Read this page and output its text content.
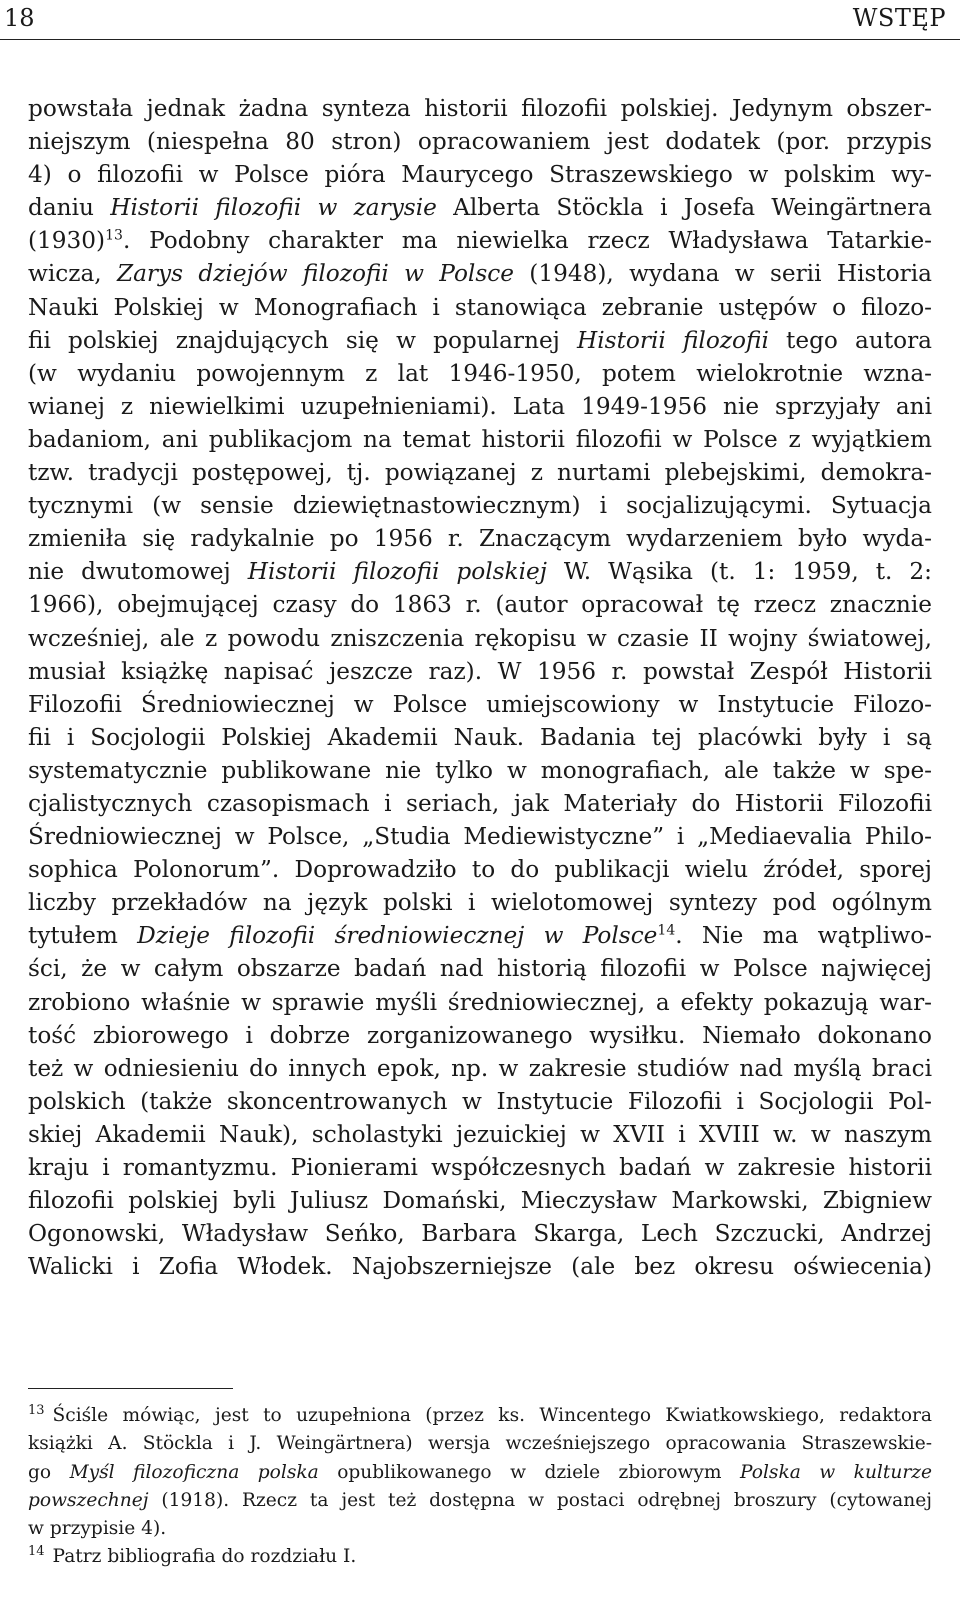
18	WSTĘP
powstała jednak żadna synteza historii filozofii polskiej. Jedynym obszer-
niejszym (niespełna 80 stron) opracowaniem jest dodatek (por. przypis
4) o filozofii w Polsce pióra Maurycego Straszewskiego w polskim wy-
daniu Historii filozofii w zarysie Alberta Stöckla i Josefa Weingärtnera
$(1930)^{13}$. Podobny charakter ma niewielka rzecz Władysława Tatarkie-
wicza, Zarys dziejów filozofii w Polsce (1948), wydana w serii Historia
Nauki Polskiej w Monografiach i stanowiąca zebranie ustępów o filozo-
fii polskiej znajdujących się w popularnej Historii filozofii tego autora
(w wydaniu powojennym z lat 1946-1950, potem wielokrotnie wzna-
wianej z niewielkimi uzupełnieniami). Lata 1949-1956 nie sprzyjały ani
badaniom, ani publikacjom na temat historii filozofii w Polsce z wyjątkiem
tzw. tradycji postępowej, tj. powiązanej z nurtami plebejskimi, demokra-
tycznymi (w sensie dziewiętnastowiecznym) i socjalizującymi. Sytuacja
zmieniła się radykalnie po 1956 r. Znaczącym wydarzeniem było wyda-
nie dwutomowej Historii filozofii polskiej W. Wąsika (t. 1: 1959, t. 2:
1966), obejmującej czasy do 1863 r. (autor opracował tę rzecz znacznie
wcześniej, ale z powodu zniszczenia rękopisu w czasie II wojny światowej,
musiał książkę napisać jeszcze raz). W 1956 r. powstał Zespół Historii
Filozofii Średniowiecznej w Polsce umiejscowiony w Instytucie Filozo-
fii i Socjologii Polskiej Akademii Nauk. Badania tej placówki były i są
systematycznie publikowane nie tylko w monografiach, ale także w spe-
cjalistycznych czasopismach i seriach, jak Materiały do Historii Filozofii
Średniowiecznej w Polsce, „Studia Mediewistyczne” i „Mediaevalia Philo-
sophica Polonorum”. Doprowadziło to do publikacji wielu źródeł, sporej
liczby przekładów na język polski i wielotomowej syntezy pod ogólnym
tytułem Dzieje filozofii średniowiecznej w Polsce$^{14}$. Nie ma wątpliwo-
ści, że w całym obszarze badań nad historią filozofii w Polsce najwięcej
zrobiono właśnie w sprawie myśli średniowiecznej, a efekty pokazują war-
tość zbiorowego i dobrze zorganizowanego wysiłku. Niemało dokonano
też w odniesieniu do innych epok, np. w zakresie studiów nad myślą braci
polskich (także skoncentrowanych w Instytucie Filozofii i Socjologii Pol-
skiej Akademii Nauk), scholastyki jezuickiej w XVII i XVIII w. w naszym
kraju i romantyzmu. Pionierami współczesnych badań w zakresie historii
filozofii polskiej byli Juliusz Domański, Mieczysław Markowski, Zbigniew
Ogonowski, Władysław Seńko, Barbara Skarga, Lech Szczucki, Andrzej
Walicki i Zofia Włodek. Najobszerniejsze (ale bez okresu oświecenia)
$^{13}$ Ściśle mówiąc, jest to uzupełniona (przez ks. Wincentego Kwiatkowskiego, redaktora
książki A. Stöckla i J. Weingärtnera) wersja wcześniejszego opracowania Straszewskie-
go Myśl filozoficzna polska opublikowanego w dziele zbiorowym Polska w kulturze
powszechnej (1918). Rzecz ta jest też dostępna w postaci odrębnej broszury (cytowanej
w przypisie 4).
$^{14}$ Patrz bibliografia do rozdziału I.
